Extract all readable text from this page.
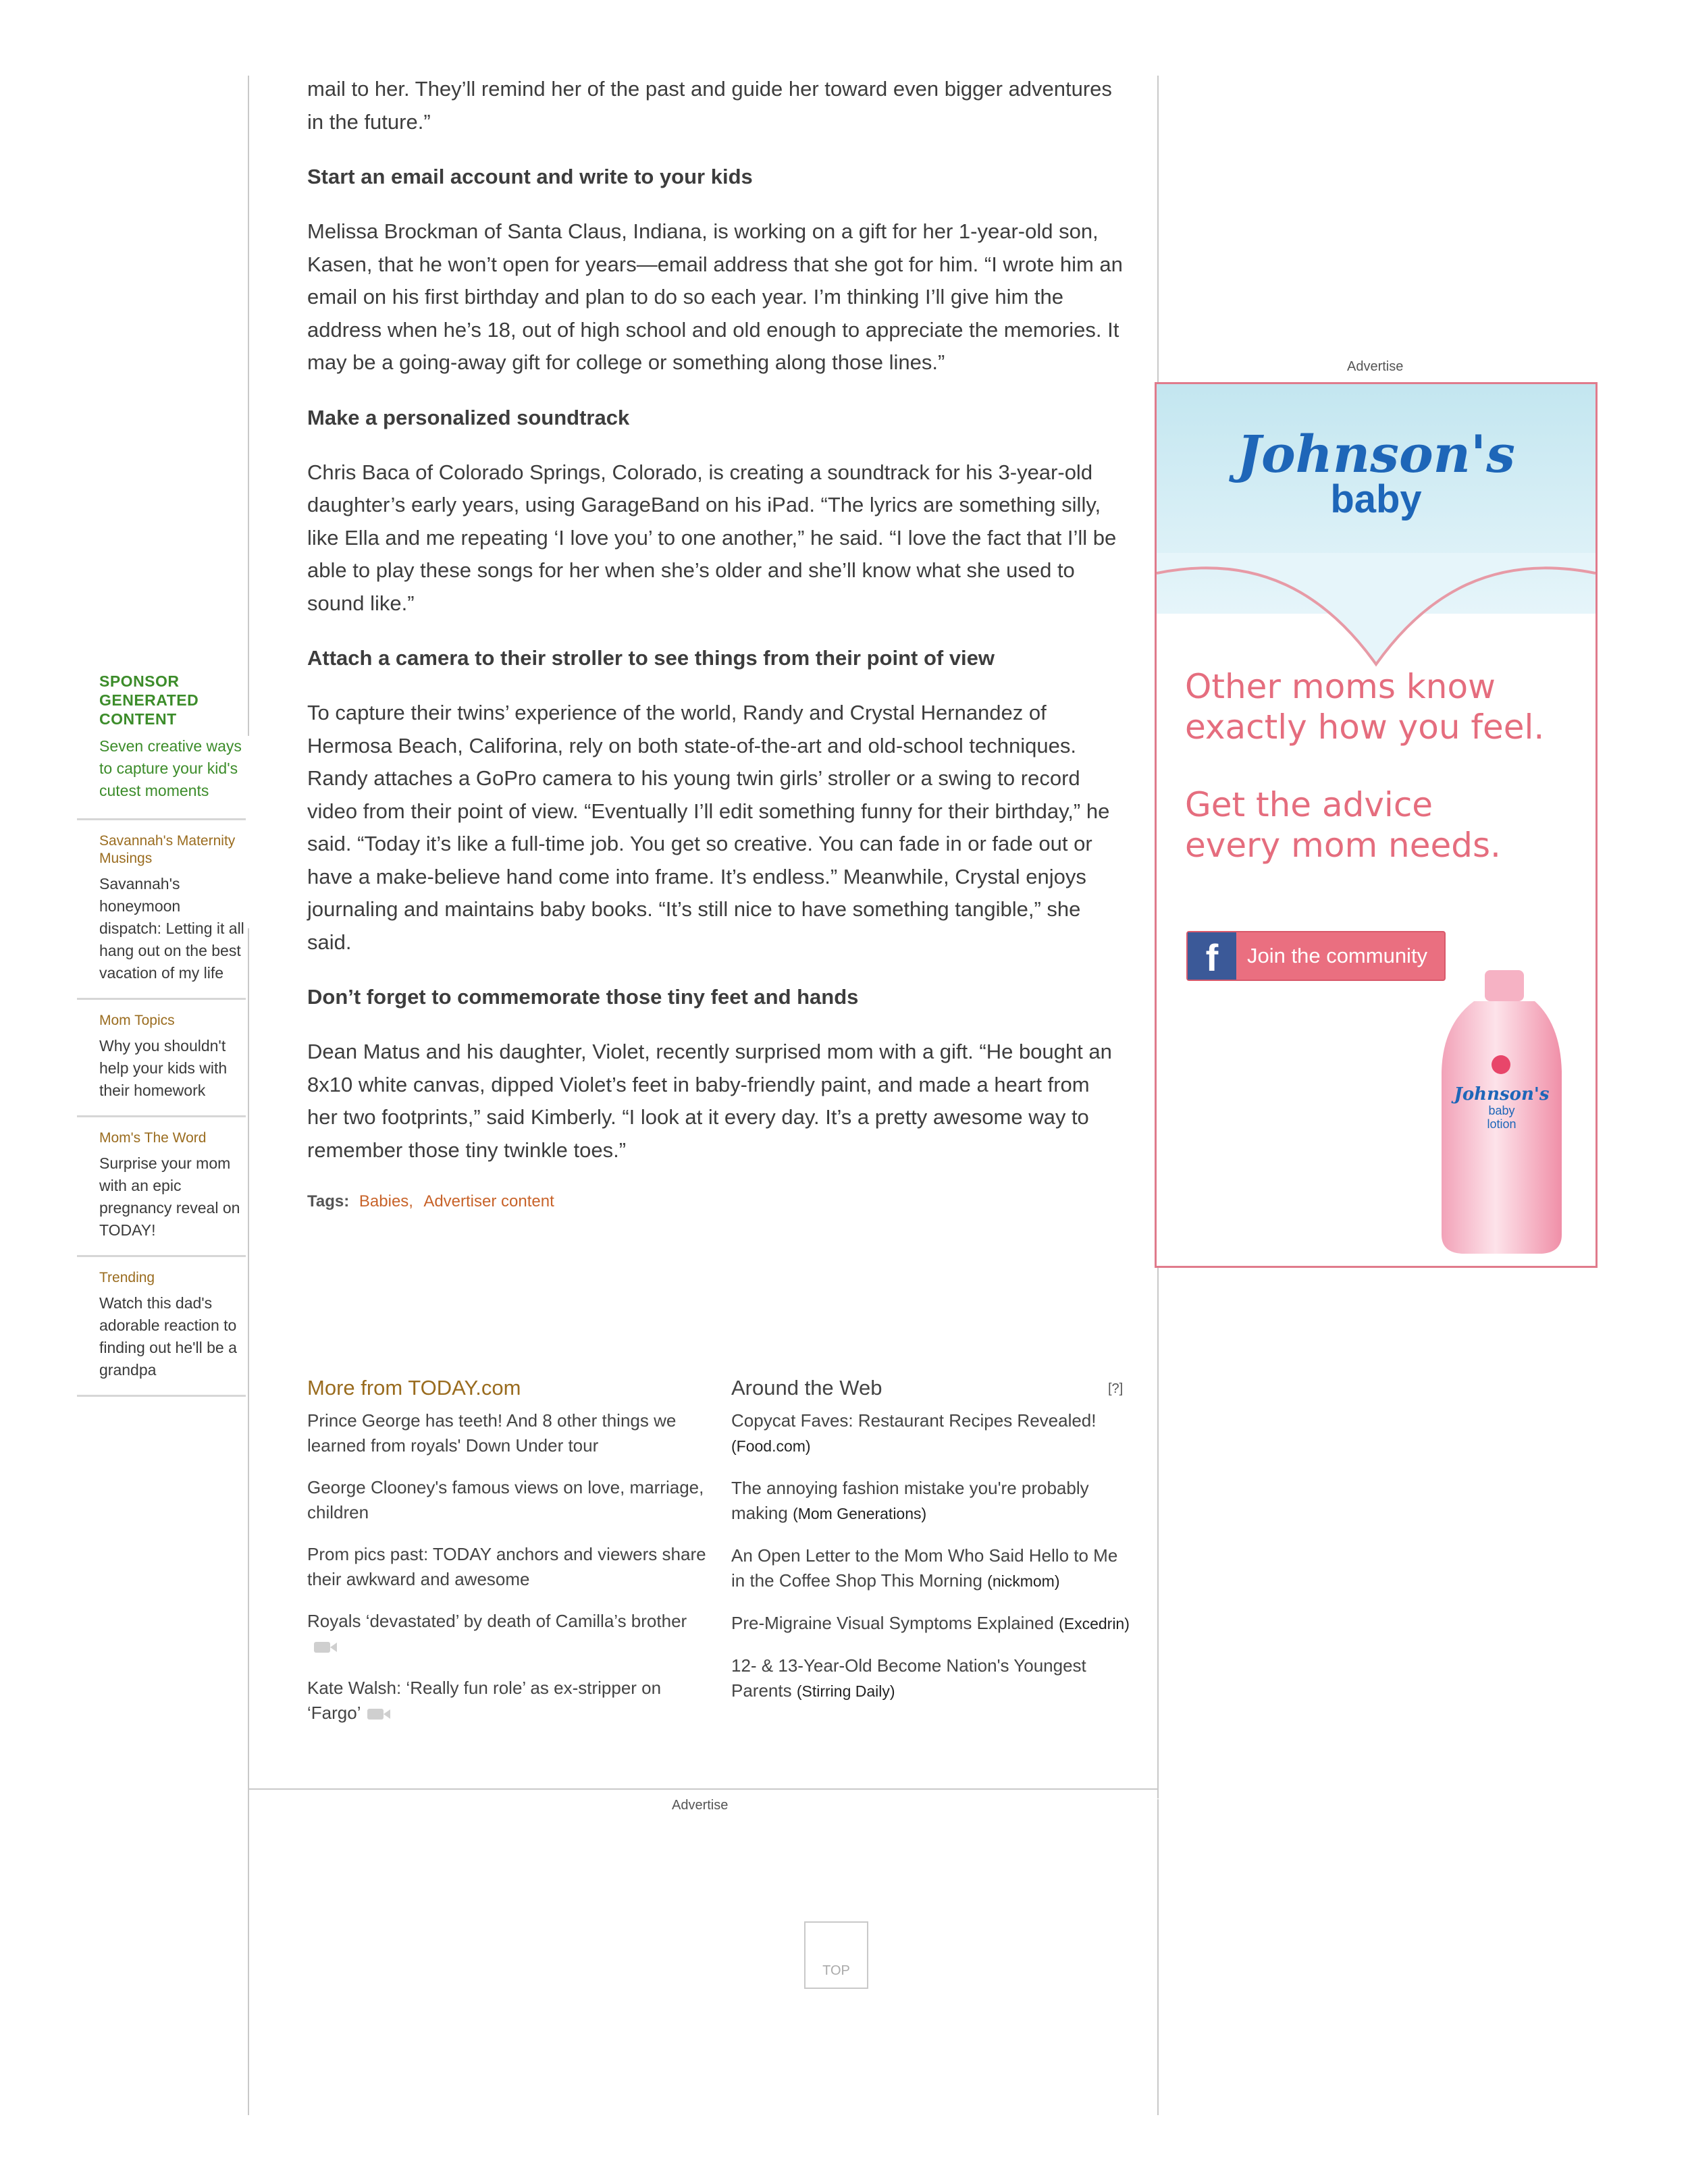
mail to her. They’ll remind her of the past and guide her toward even bigger adventures in the future.”

Start an email account and write to your kids

Melissa Brockman of Santa Claus, Indiana, is working on a gift for her 1-year-old son, Kasen, that he won’t open for years—email address that she got for him. “I wrote him an email on his first birthday and plan to do so each year. I’m thinking I’ll give him the address when he’s 18, out of high school and old enough to appreciate the memories. It may be a going-away gift for college or something along those lines.”

Make a personalized soundtrack

Chris Baca of Colorado Springs, Colorado, is creating a soundtrack for his 3-year-old daughter’s early years, using GarageBand on his iPad. “The lyrics are something silly, like Ella and me repeating ‘I love you’ to one another,” he said. “I love the fact that I’ll be able to play these songs for her when she’s older and she’ll know what she used to sound like.”

Attach a camera to their stroller to see things from their point of view

To capture their twins’ experience of the world, Randy and Crystal Hernandez of Hermosa Beach, Califorina, rely on both state-of-the-art and old-school techniques. Randy attaches a GoPro camera to his young twin girls’ stroller or a swing to record video from their point of view. “Eventually I’ll edit something funny for their birthday,” he said. “Today it’s like a full-time job. You get so creative. You can fade in or fade out or have a make-believe hand come into frame. It’s endless.” Meanwhile, Crystal enjoys journaling and maintains baby books. “It’s still nice to have something tangible,” she said.

Don’t forget to commemorate those tiny feet and hands

Dean Matus and his daughter, Violet, recently surprised mom with a gift. “He bought an 8x10 white canvas, dipped Violet’s feet in baby-friendly paint, and made a heart from her two footprints,” said Kimberly. “I look at it every day. It’s a pretty awesome way to remember those tiny twinkle toes.”

Tags: Babies, Advertiser content
SPONSOR GENERATED CONTENT
Seven creative ways to capture your kid's cutest moments
Savannah's Maternity Musings
Savannah's honeymoon dispatch: Letting it all hang out on the best vacation of my life
Mom Topics
Why you shouldn't help your kids with their homework
Mom's The Word
Surprise your mom with an epic pregnancy reveal on TODAY!
Trending
Watch this dad's adorable reaction to finding out he'll be a grandpa
Advertise
Johnson's
baby
Other moms know
exactly how you feel.
Get the advice
every mom needs.
f	Join the community
Johnson's
baby
lotion
More from TODAY.com
Prince George has teeth! And 8 other things we learned from royals' Down Under tour
George Clooney's famous views on love, marriage, children
Prom pics past: TODAY anchors and viewers share their awkward and awesome
Royals ‘devastated’ by death of Camilla’s brother
Kate Walsh: ‘Really fun role’ as ex-stripper on ‘Fargo’
Around the Web	[?]
Copycat Faves: Restaurant Recipes Revealed! (Food.com)
The annoying fashion mistake you're probably making (Mom Generations)
An Open Letter to the Mom Who Said Hello to Me in the Coffee Shop This Morning (nickmom)
Pre-Migraine Visual Symptoms Explained (Excedrin)
12- & 13-Year-Old Become Nation's Youngest Parents (Stirring Daily)
Advertise
TOP
